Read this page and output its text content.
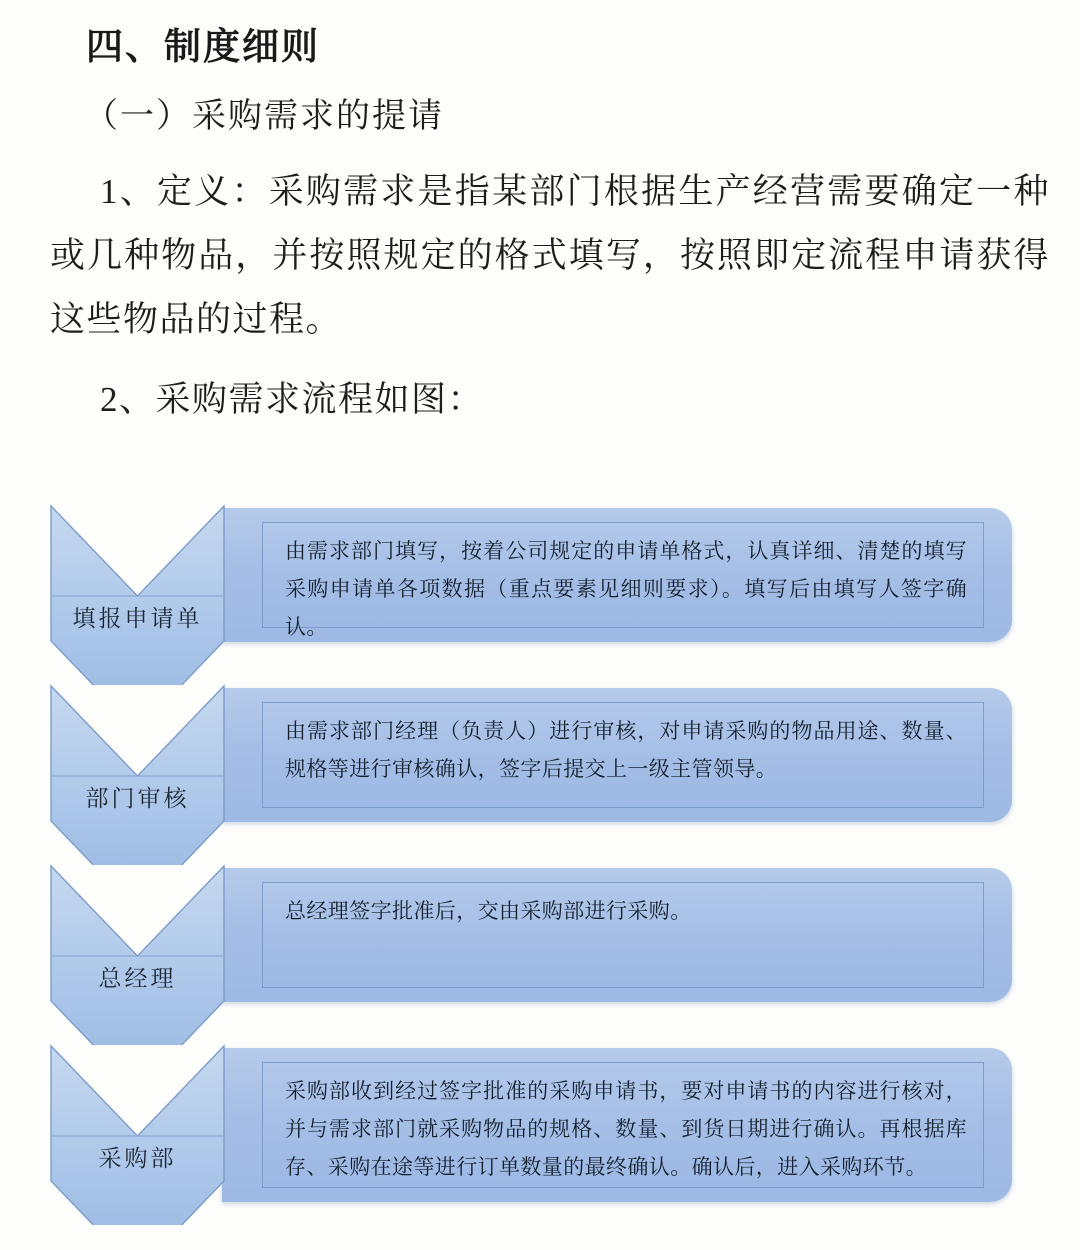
四、制度细则
（一）采购需求的提请
1、定义：采购需求是指某部门根据生产经营需要确定一种或几种物品，并按照规定的格式填写，按照即定流程申请获得这些物品的过程。
2、采购需求流程如图：
填报申请单
由需求部门填写，按着公司规定的申请单格式，认真详细、清楚的填写采购申请单各项数据（重点要素见细则要求）。填写后由填写人签字确认。
部门审核
由需求部门经理（负责人）进行审核，对申请采购的物品用途、数量、规格等进行审核确认，签字后提交上一级主管领导。
总经理
总经理签字批准后，交由采购部进行采购。
采购部
采购部收到经过签字批准的采购申请书，要对申请书的内容进行核对，并与需求部门就采购物品的规格、数量、到货日期进行确认。再根据库存、采购在途等进行订单数量的最终确认。确认后，进入采购环节。
